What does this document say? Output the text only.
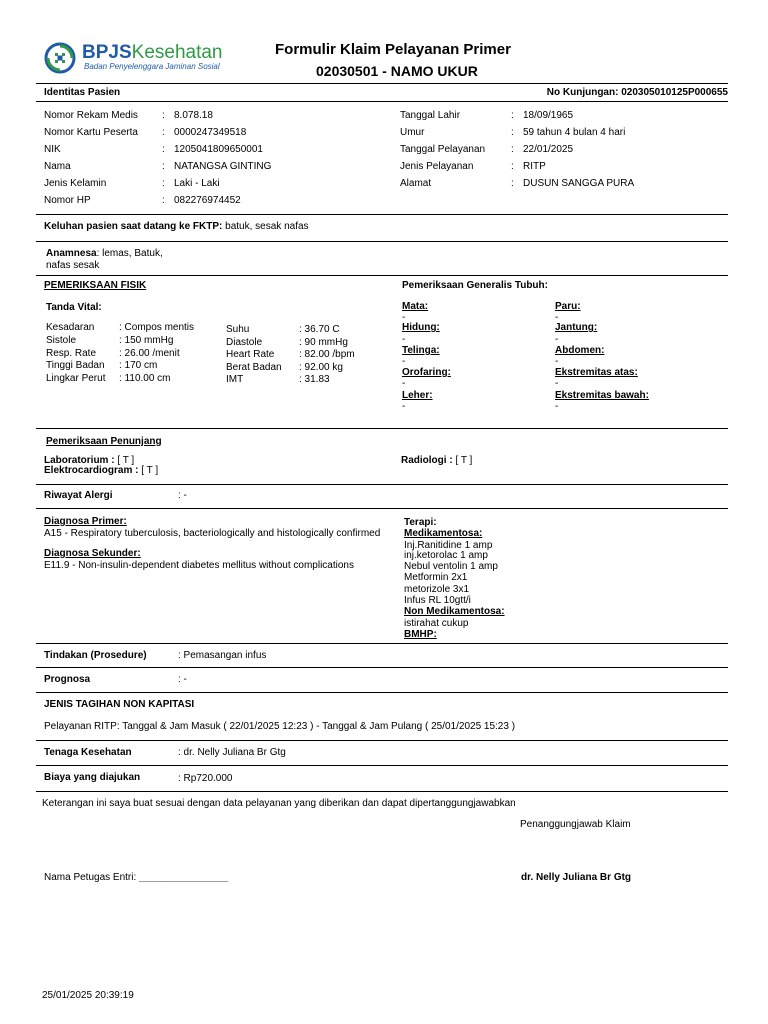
BPJSKesehatan
Badan Penyelenggara Jaminan Sosial
Formulir Klaim Pelayanan Primer
02030501 - NAMO UKUR
Identitas Pasien	No Kunjungan: 020305010125P000655
Nomor Rekam Medis : 8.078.18
Nomor Kartu Peserta : 0000247349518
NIK	: 1205041809650001
Nama	: NATANGSA GINTING
Jenis Kelamin	: Laki - Laki
Nomor HP	: 082276974452
Tanggal Lahir	: 18/09/1965
Umur	: 59 tahun 4 bulan 4 hari
Tanggal Pelayanan	: 22/01/2025
Jenis Pelayanan	: RITP
Alamat	: DUSUN SANGGA PURA
Keluhan pasien saat datang ke FKTP: batuk, sesak nafas
Anamnesa: lemas, Batuk,
nafas sesak
PEMERIKSAAN FISIK	Pemeriksaan Generalis Tubuh:
Tanda Vital:
Kesadaran : Compos mentis
Sistole	: 150 mmHg
Resp. Rate : 26.00 /menit
Tinggi Badan : 170 cm
Lingkar Perut : 110.00 cm
Suhu	: 36.70 C
Diastole	: 90 mmHg
Heart Rate : 82.00 /bpm
Berat Badan : 92.00 kg
IMT	: 31.83
Mata:
-
Hidung:
-
Telinga:
-
Orofaring:
-
Leher:
-
Paru:
-
Jantung:
-
Abdomen:
-
Ekstremitas atas:
-
Ekstremitas bawah:
-
Pemeriksaan Penunjang
Laboratorium : [ T ]
Elektrocardiogram : [ T ]
Radiologi : [ T ]
Riwayat Alergi	: -
Diagnosa Primer:
A15 - Respiratory tuberculosis, bacteriologically and histologically confirmed
Diagnosa Sekunder:
E11.9 - Non-insulin-dependent diabetes mellitus without complications
Terapi:
Medikamentosa:
Inj.Ranitidine 1 amp
inj.ketorolac 1 amp
Nebul ventolin 1 amp
Metformin 2x1
metorizole 3x1
Infus RL 10gtt/i
Non Medikamentosa:
istirahat cukup
BMHP:
Tindakan (Prosedure)	: Pemasangan infus
Prognosa	: -
JENIS TAGIHAN NON KAPITASI
Pelayanan RITP: Tanggal & Jam Masuk ( 22/01/2025 12:23 ) - Tanggal & Jam Pulang ( 25/01/2025 15:23 )
Tenaga Kesehatan	: dr. Nelly Juliana Br Gtg
Biaya yang diajukan	: Rp720.000
Keterangan ini saya buat sesuai dengan data pelayanan yang diberikan dan dapat dipertanggungjawabkan
Penanggungjawab Klaim
Nama Petugas Entri: ________________	dr. Nelly Juliana Br Gtg
25/01/2025 20:39:19
